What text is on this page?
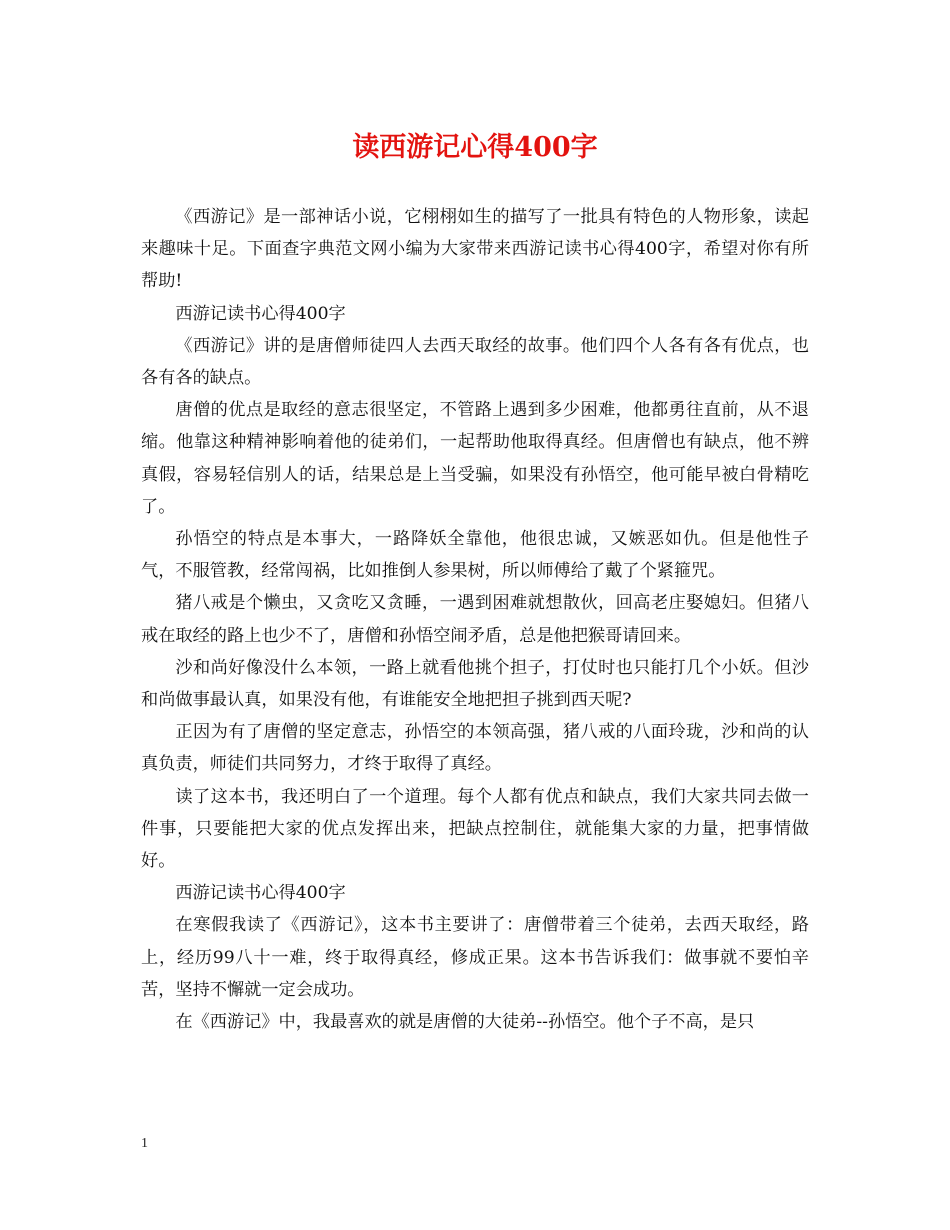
读西游记心得400字

《西游记》是一部神话小说，它栩栩如生的描写了一批具有特色的人物形象，读起来趣味十足。下面查字典范文网小编为大家带来西游记读书心得400字，希望对你有所帮助!

西游记读书心得400字

《西游记》讲的是唐僧师徒四人去西天取经的故事。他们四个人各有各有优点，也各有各的缺点。

唐僧的优点是取经的意志很坚定，不管路上遇到多少困难，他都勇往直前，从不退缩。他靠这种精神影响着他的徒弟们，一起帮助他取得真经。但唐僧也有缺点，他不辨真假，容易轻信别人的话，结果总是上当受骗，如果没有孙悟空，他可能早被白骨精吃了。

孙悟空的特点是本事大，一路降妖全靠他，他很忠诚，又嫉恶如仇。但是他性子气，不服管教，经常闯祸，比如推倒人参果树，所以师傅给了戴了个紧箍咒。

猪八戒是个懒虫，又贪吃又贪睡，一遇到困难就想散伙，回高老庄娶媳妇。但猪八戒在取经的路上也少不了，唐僧和孙悟空闹矛盾，总是他把猴哥请回来。

沙和尚好像没什么本领，一路上就看他挑个担子，打仗时也只能打几个小妖。但沙和尚做事最认真，如果没有他，有谁能安全地把担子挑到西天呢?

正因为有了唐僧的坚定意志，孙悟空的本领高强，猪八戒的八面玲珑，沙和尚的认真负责，师徒们共同努力，才终于取得了真经。

读了这本书，我还明白了一个道理。每个人都有优点和缺点，我们大家共同去做一件事，只要能把大家的优点发挥出来，把缺点控制住，就能集大家的力量，把事情做好。

西游记读书心得400字

在寒假我读了《西游记》，这本书主要讲了：唐僧带着三个徒弟，去西天取经，路上，经历99八十一难，终于取得真经，修成正果。这本书告诉我们：做事就不要怕辛苦，坚持不懈就一定会成功。

在《西游记》中，我最喜欢的就是唐僧的大徒弟--孙悟空。他个子不高，是只

1
